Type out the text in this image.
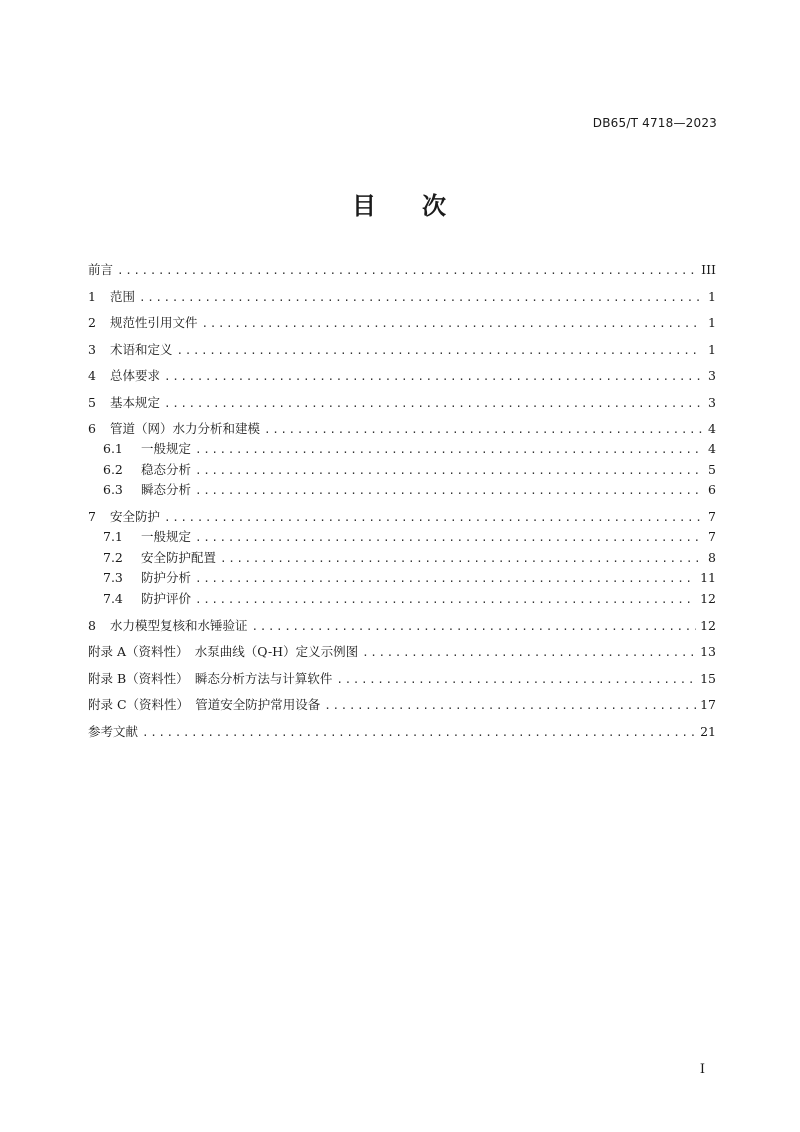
DB65/T 4718—2023
目 次
前言 .....	III
1	范围 .....	1
2	规范性引用文件 .....	1
3	术语和定义 .....	1
4	总体要求 .....	3
5	基本规定 .....	3
6	管道（网）水力分析和建模 .....	4
6.1	一般规定 .....	4
6.2	稳态分析 .....	5
6.3	瞬态分析 .....	6
7	安全防护 .....	7
7.1	一般规定 .....	7
7.2	安全防护配置 .....	8
7.3	防护分析 .....	11
7.4	防护评价 .....	12
8	水力模型复核和水锤验证 .....	12
附录 A（资料性）　水泵曲线（Q-H）定义示例图 .....	13
附录 B（资料性）　瞬态分析方法与计算软件 .....	15
附录 C（资料性）　管道安全防护常用设备 .....	17
参考文献 .....	21
I
